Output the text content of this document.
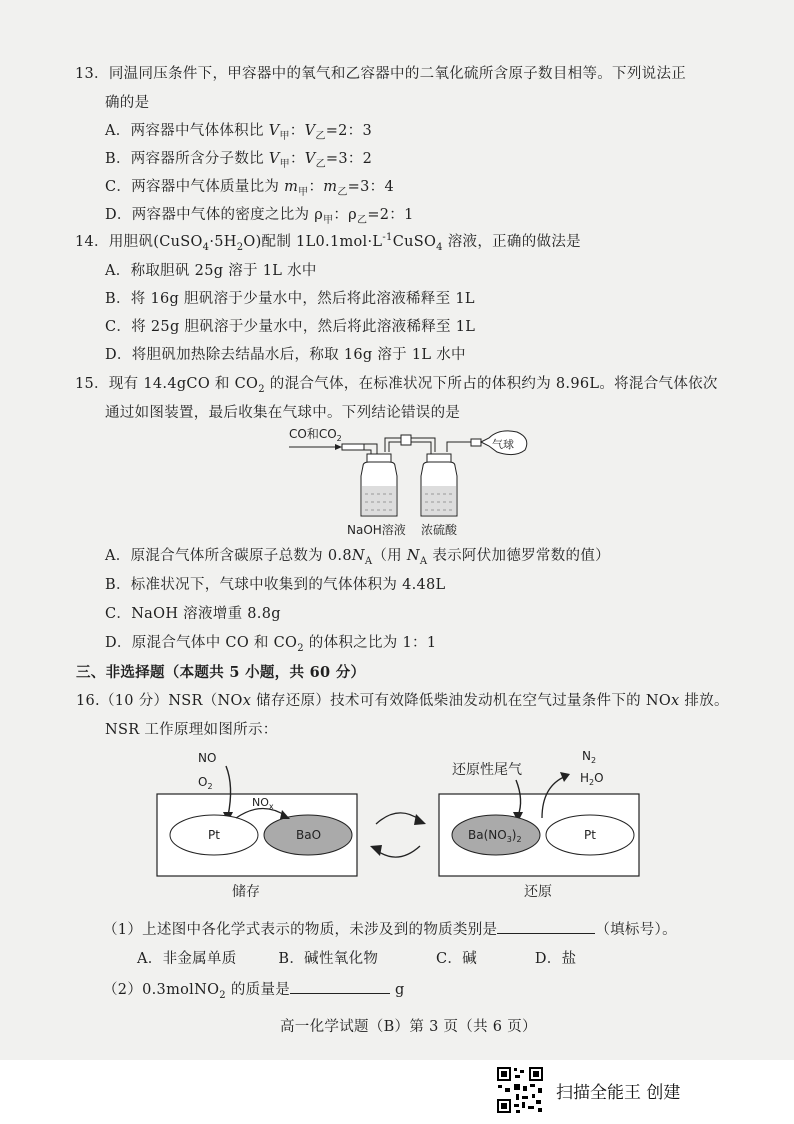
13．同温同压条件下，甲容器中的氧气和乙容器中的二氧化硫所含原子数目相等。下列说法正
确的是
A．两容器中气体体积比 $V_甲$：$V_乙=2$：3
B．两容器所含分子数比 $V_甲$：$V_乙=3$：2
C．两容器中气体质量比为 $m_甲$：$m_乙=3$：4
D．两容器中气体的密度之比为 $\rho_甲$：$\rho_乙=2$：1
14．用胆矾$(CuSO_4\cdot 5H_2O)$配制 $1L0.1mol\cdot L^{-1}CuSO_4$ 溶液，正确的做法是
A．称取胆矾 25g 溶于 1L 水中
B．将 16g 胆矾溶于少量水中，然后将此溶液稀释至 1L
C．将 25g 胆矾溶于少量水中，然后将此溶液稀释至 1L
D．将胆矾加热除去结晶水后，称取 16g 溶于 1L 水中
15．现有 14.4gCO 和 $CO_2$ 的混合气体，在标准状况下所占的体积约为 8.96L。将混合气体依次
通过如图装置，最后收集在气球中。下列结论错误的是
CO和$CO_2$	气球
NaOH溶液 浓硫酸
A．原混合气体所含碳原子总数为 $0.8N_A$（用 $N_A$ 表示阿伏加德罗常数的值）
B．标准状况下，气球中收集到的气体体积为 4.48L
C．NaOH 溶液增重 8.8g
D．原混合气体中 CO 和 $CO_2$ 的体积之比为 1：1
三、非选择题（本题共 5 小题，共 60 分）
16.（10 分）NSR（NOx 储存还原）技术可有效降低柴油发动机在空气过量条件下的 NOx 排放。
NSR 工作原理如图所示：
NO
$O_2$
Pt	BaO
$NO_x$
储存
还原性尾气
$Ba(NO_3)_2$	Pt
$N_2$
$H_2O$
还原
（1）上述图中各化学式表示的物质，未涉及到的物质类别是	（填标号）。
A．非金属单质	B．碱性氧化物	C．碱	D．盐
（2）0.3molNO$_2$ 的质量是	g
高一化学试题（B）第 3 页（共 6 页）
扫描全能王 创建
